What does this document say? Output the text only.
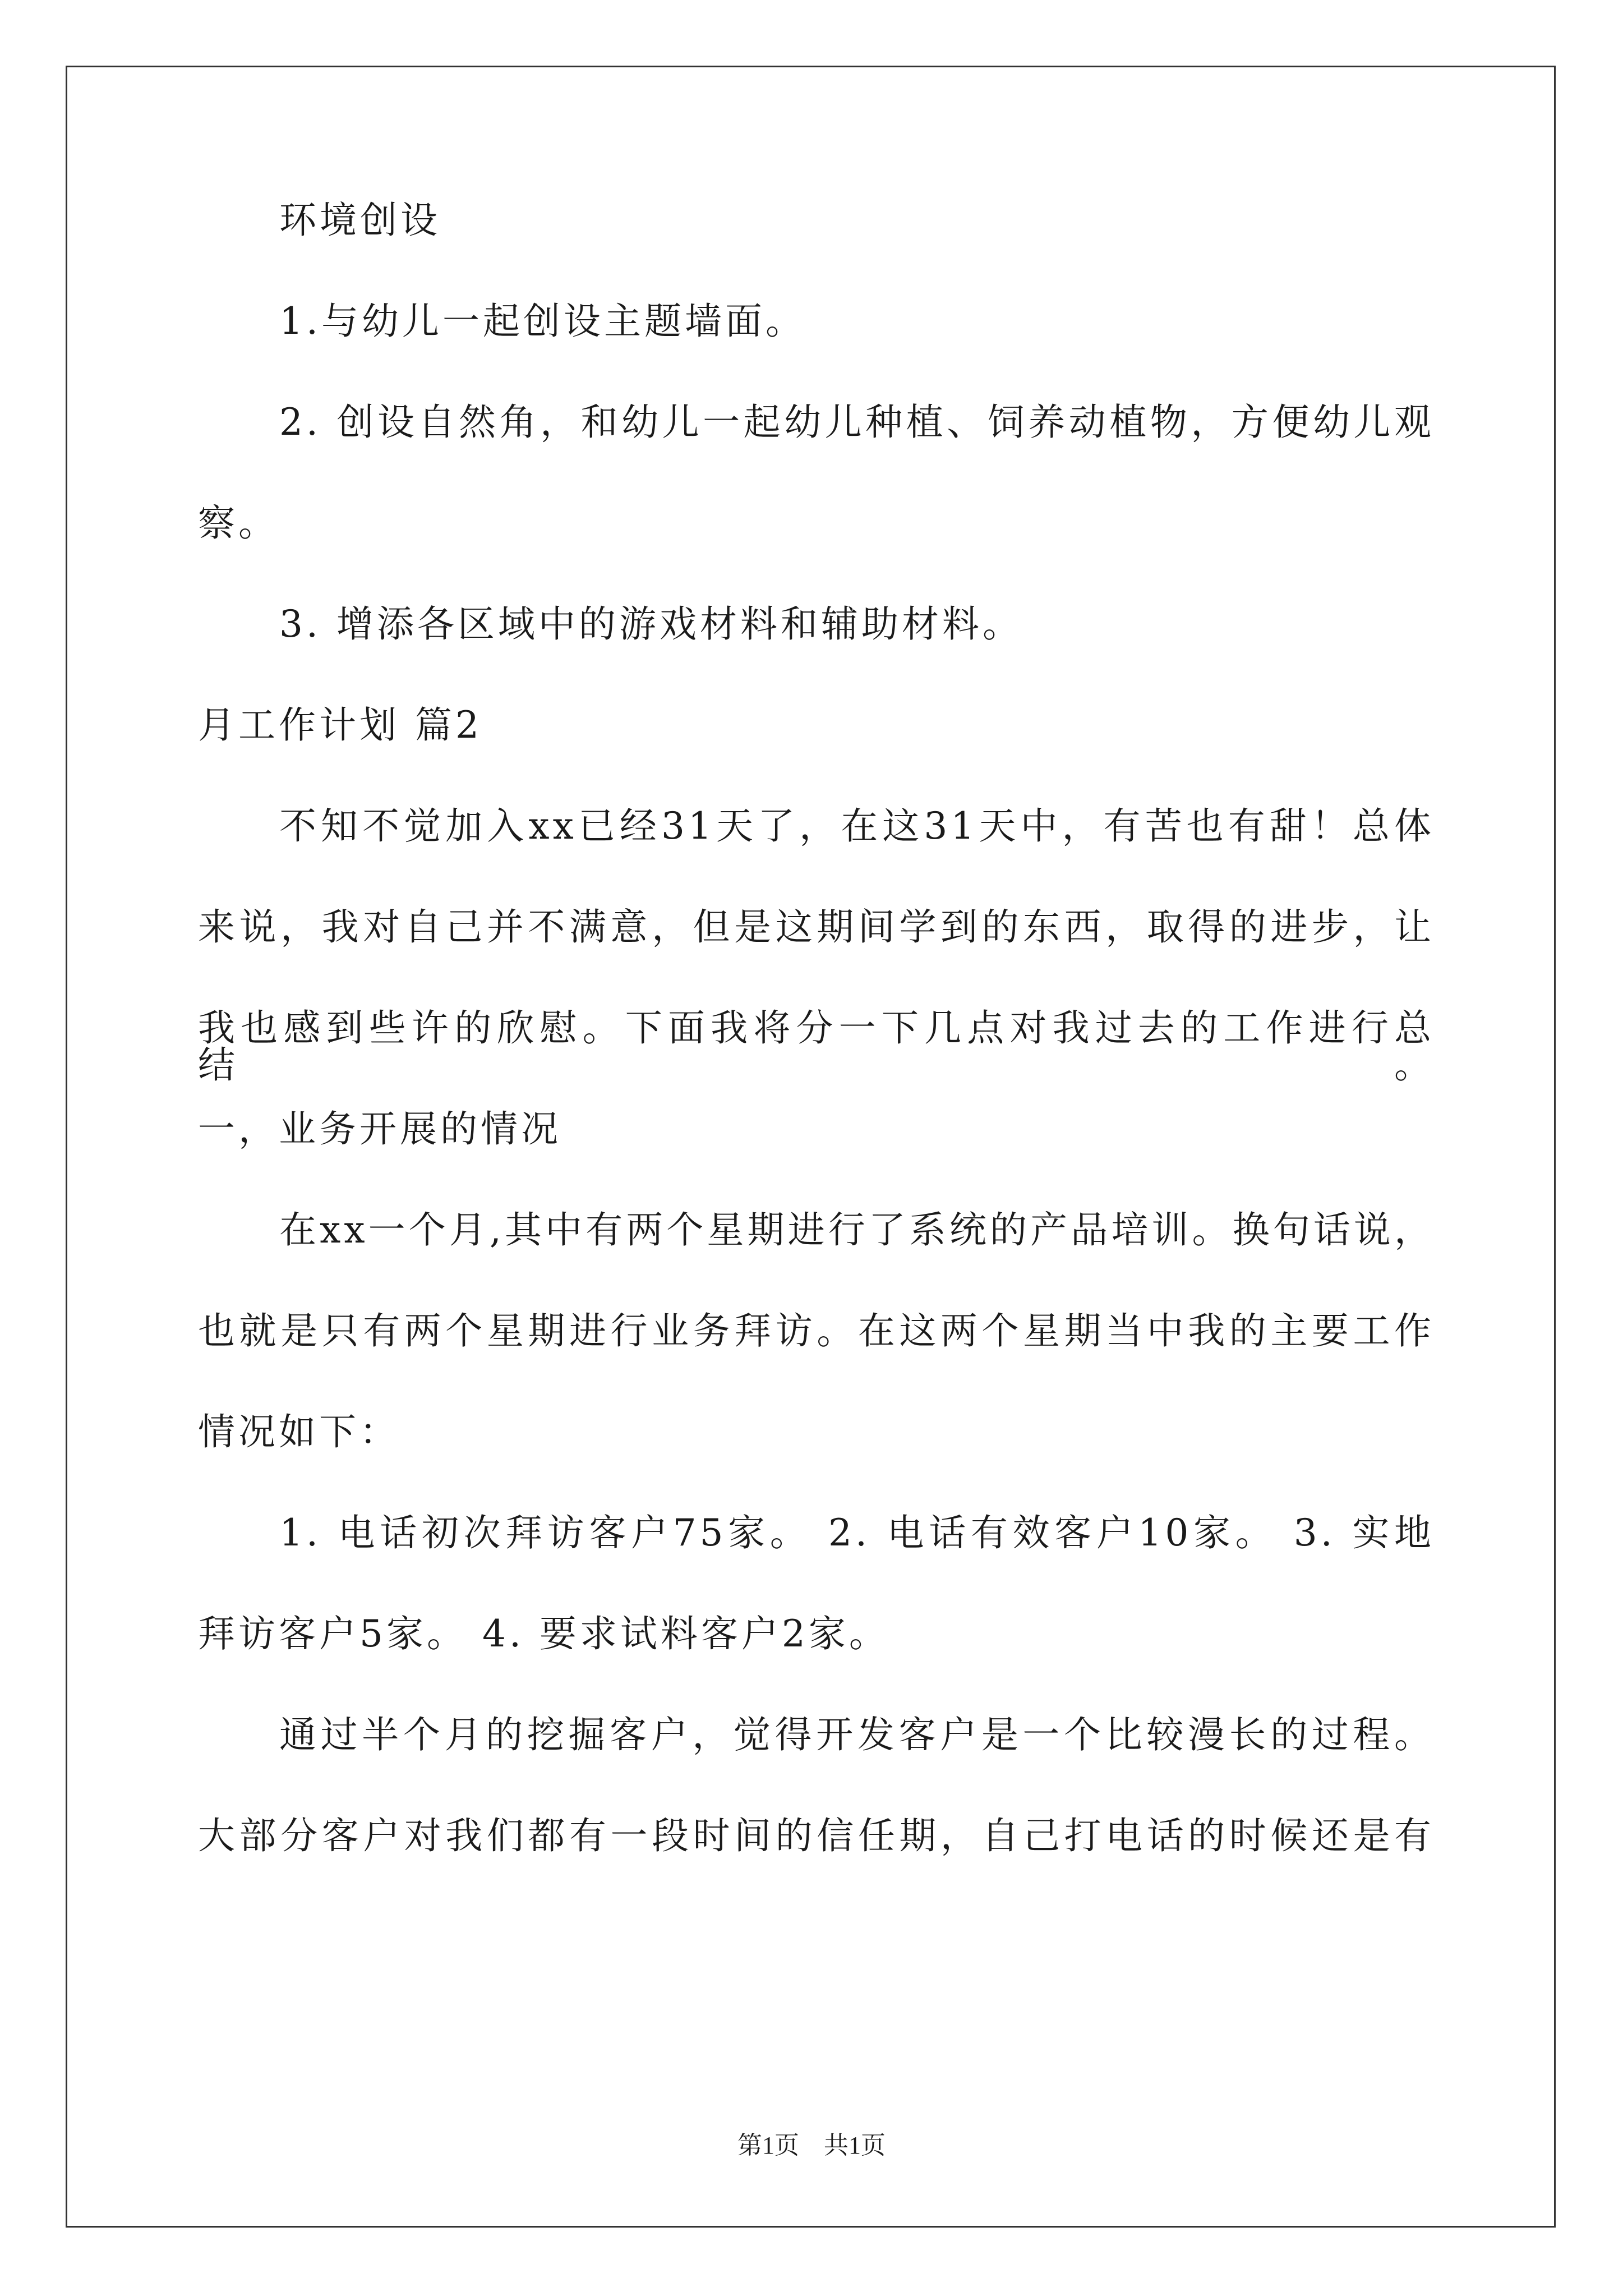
环境创设
1.与幼儿一起创设主题墙面。
2. 创设自然角，和幼儿一起幼儿种植、饲养动植物，方便幼儿观
察。
3. 增添各区域中的游戏材料和辅助材料。
月工作计划 篇2
不知不觉加入xx已经31天了，在这31天中，有苦也有甜！总体
来说，我对自己并不满意，但是这期间学到的东西，取得的进步，让
我也感到些许的欣慰。下面我将分一下几点对我过去的工作进行总结。
一，业务开展的情况
在xx一个月,其中有两个星期进行了系统的产品培训。换句话说，
也就是只有两个星期进行业务拜访。在这两个星期当中我的主要工作
情况如下：
1. 电话初次拜访客户75家。 2. 电话有效客户10家。 3. 实地
拜访客户5家。 4. 要求试料客户2家。
通过半个月的挖掘客户，觉得开发客户是一个比较漫长的过程。
大部分客户对我们都有一段时间的信任期，自己打电话的时候还是有
第1页　共1页
